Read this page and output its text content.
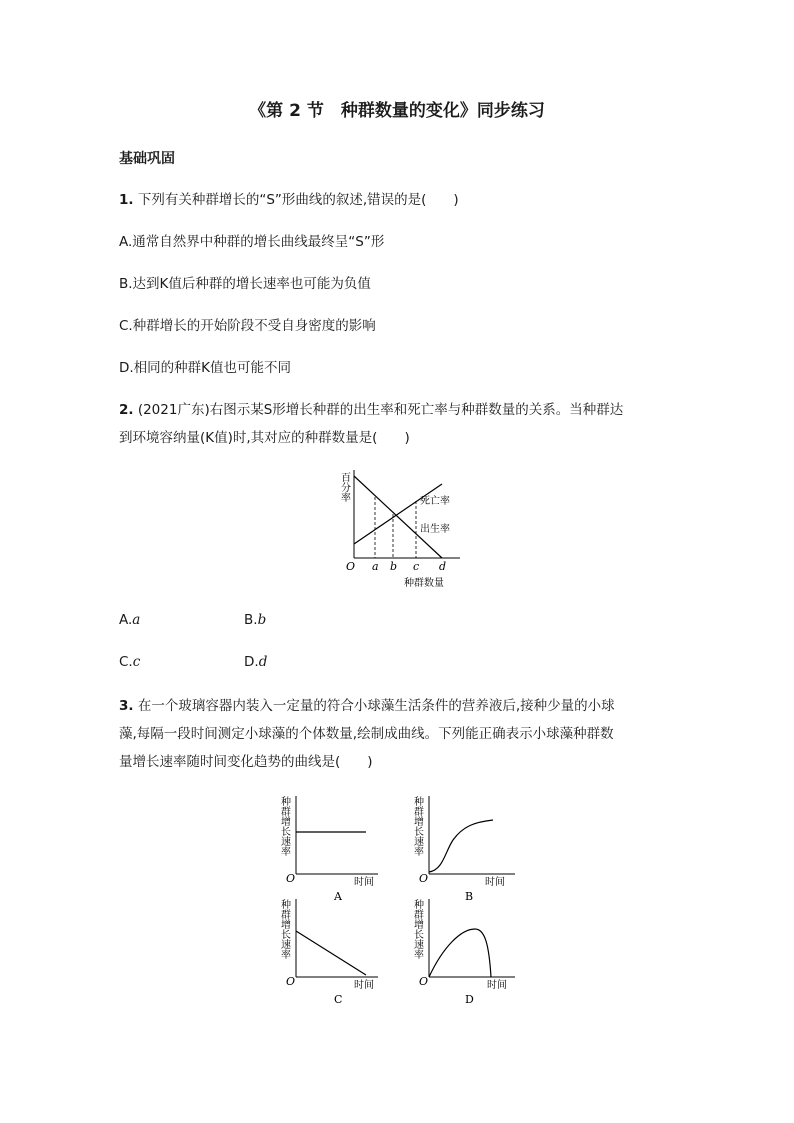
《第 2 节　种群数量的变化》同步练习
基础巩固
1. 下列有关种群增长的“S”形曲线的叙述,错误的是(　　)
A.通常自然界中种群的增长曲线最终呈“S”形
B.达到K值后种群的增长速率也可能为负值
C.种群增长的开始阶段不受自身密度的影响
D.相同的种群K值也可能不同
2. (2021广东)右图示某S形增长种群的出生率和死亡率与种群数量的关系。当种群达
到环境容纳量(K值)时,其对应的种群数量是(　　)
百分率	死亡率
出生率
O a b c d
种群数量
A.a	B.b
C.c	D.d
3. 在一个玻璃容器内装入一定量的符合小球藻生活条件的营养液后,接种少量的小球
藻,每隔一段时间测定小球藻的个体数量,绘制成曲线。下列能正确表示小球藻种群数
量增长速率随时间变化趋势的曲线是(　　)
种群增长速率
O	时间
A
种群增长速率
O	时间
B
种群增长速率
O	时间
C
种群增长速率
O	时间
D
